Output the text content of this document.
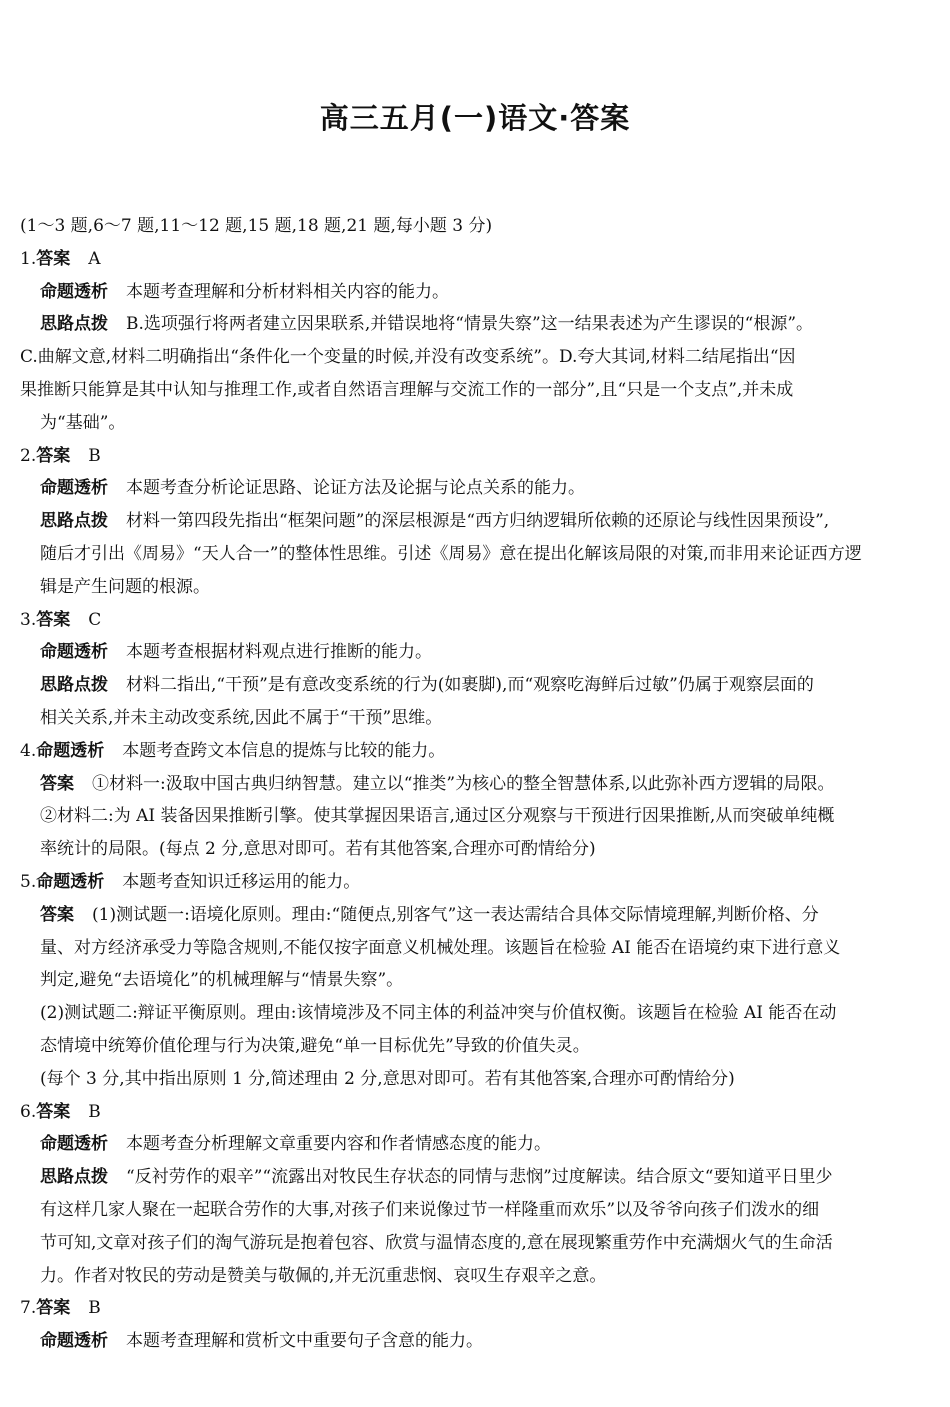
高三五月(一)语文·答案
(1～3 题,6～7 题,11～12 题,15 题,18 题,21 题,每小题 3 分)
1.答案 A
命题透析 本题考查理解和分析材料相关内容的能力。
思路点拨 B.选项强行将两者建立因果联系,并错误地将“情景失察”这一结果表述为产生谬误的“根源”。
C.曲解文意,材料二明确指出“条件化一个变量的时候,并没有改变系统”。D.夸大其词,材料二结尾指出“因
果推断只能算是其中认知与推理工作,或者自然语言理解与交流工作的一部分”,且“只是一个支点”,并未成
为“基础”。
2.答案 B
命题透析 本题考查分析论证思路、论证方法及论据与论点关系的能力。
思路点拨 材料一第四段先指出“框架问题”的深层根源是“西方归纳逻辑所依赖的还原论与线性因果预设”,
随后才引出《周易》“天人合一”的整体性思维。引述《周易》意在提出化解该局限的对策,而非用来论证西方逻
辑是产生问题的根源。
3.答案 C
命题透析 本题考查根据材料观点进行推断的能力。
思路点拨 材料二指出,“干预”是有意改变系统的行为(如裹脚),而“观察吃海鲜后过敏”仍属于观察层面的
相关关系,并未主动改变系统,因此不属于“干预”思维。
4.命题透析 本题考查跨文本信息的提炼与比较的能力。
答案 ①材料一:汲取中国古典归纳智慧。建立以“推类”为核心的整全智慧体系,以此弥补西方逻辑的局限。
②材料二:为 AI 装备因果推断引擎。使其掌握因果语言,通过区分观察与干预进行因果推断,从而突破单纯概
率统计的局限。(每点 2 分,意思对即可。若有其他答案,合理亦可酌情给分)
5.命题透析 本题考查知识迁移运用的能力。
答案 (1)测试题一:语境化原则。理由:“随便点,别客气”这一表达需结合具体交际情境理解,判断价格、分
量、对方经济承受力等隐含规则,不能仅按字面意义机械处理。该题旨在检验 AI 能否在语境约束下进行意义
判定,避免“去语境化”的机械理解与“情景失察”。
(2)测试题二:辩证平衡原则。理由:该情境涉及不同主体的利益冲突与价值权衡。该题旨在检验 AI 能否在动
态情境中统筹价值伦理与行为决策,避免“单一目标优先”导致的价值失灵。
(每个 3 分,其中指出原则 1 分,简述理由 2 分,意思对即可。若有其他答案,合理亦可酌情给分)
6.答案 B
命题透析 本题考查分析理解文章重要内容和作者情感态度的能力。
思路点拨 “反衬劳作的艰辛”“流露出对牧民生存状态的同情与悲悯”过度解读。结合原文“要知道平日里少
有这样几家人聚在一起联合劳作的大事,对孩子们来说像过节一样隆重而欢乐”以及爷爷向孩子们泼水的细
节可知,文章对孩子们的淘气游玩是抱着包容、欣赏与温情态度的,意在展现繁重劳作中充满烟火气的生命活
力。作者对牧民的劳动是赞美与敬佩的,并无沉重悲悯、哀叹生存艰辛之意。
7.答案 B
命题透析 本题考查理解和赏析文中重要句子含意的能力。
